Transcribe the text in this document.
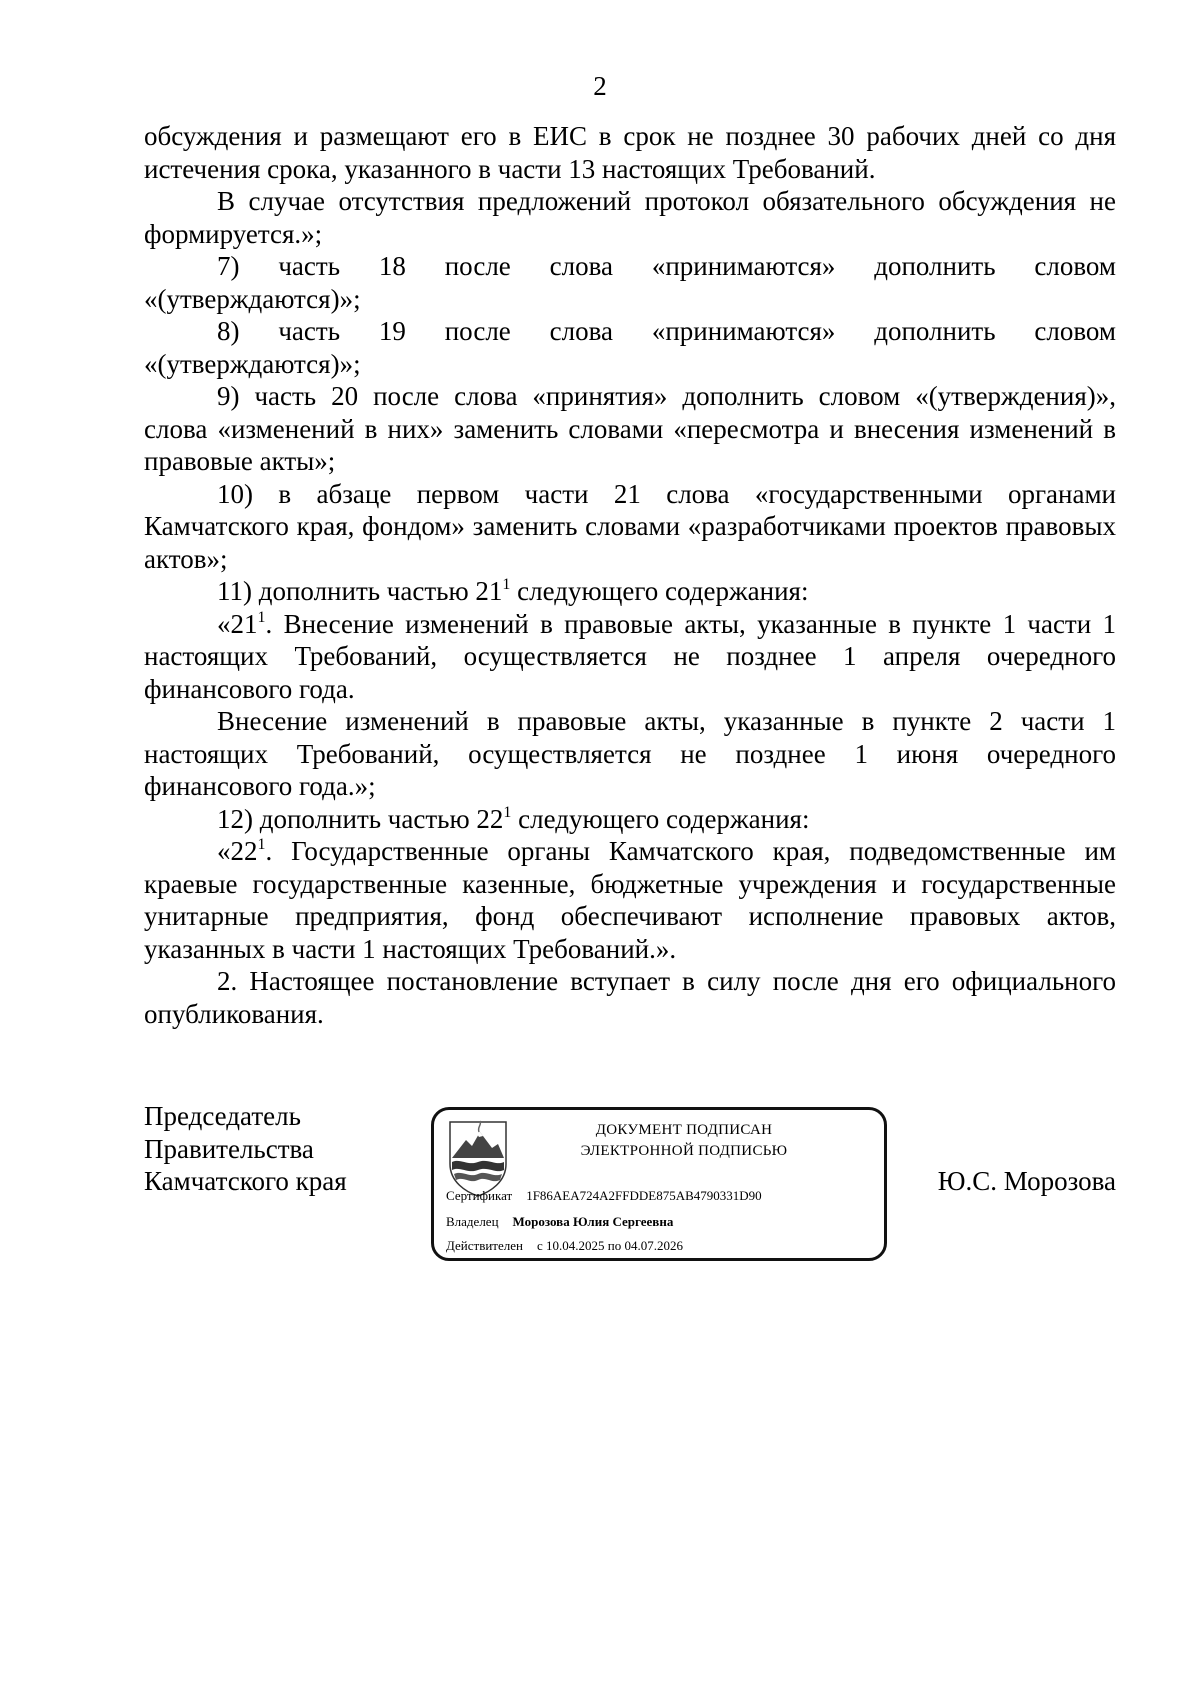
2

обсуждения и размещают его в ЕИС в срок не позднее 30 рабочих дней со дня истечения срока, указанного в части 13 настоящих Требований.

В случае отсутствия предложений протокол обязательного обсуждения не формируется.»;

7)  часть  18  после  слова  «принимаются»  дополнить  словом

«(утверждаются)»;

8)  часть  19  после  слова  «принимаются»  дополнить  словом

«(утверждаются)»;

9) часть 20 после слова «принятия» дополнить словом «(утверждения)», слова «изменений в них» заменить словами «пересмотра и внесения изменений в правовые акты»;

10) в абзаце первом части 21 слова «государственными органами Камчатского края, фондом» заменить словами «разработчиками проектов правовых актов»;

11) дополнить частью $21^1$ следующего содержания:

«$21^1$. Внесение изменений в правовые акты, указанные в пункте 1 части 1 настоящих Требований, осуществляется не позднее 1 апреля очередного финансового года.

Внесение изменений в правовые акты, указанные в пункте 2 части 1 настоящих Требований, осуществляется не позднее 1 июня очередного финансового года.»;

12) дополнить частью $22^1$ следующего содержания:

«$22^1$. Государственные органы Камчатского края, подведомственные им краевые государственные казенные, бюджетные учреждения и государственные унитарные предприятия, фонд обеспечивают исполнение правовых актов, указанных в части 1 настоящих Требований.».

2. Настоящее постановление вступает в силу после дня его официального опубликования.

Председатель
Правительства
Камчатского края
ДОКУМЕНТ ПОДПИСАН
ЭЛЕКТРОННОЙ ПОДПИСЬЮ
Сертификат 1F86AEA724A2FFDDE875AB4790331D90
Владелец Морозова Юлия Сергеевна
Действителен с 10.04.2025 по 04.07.2026
Ю.С. Морозова
